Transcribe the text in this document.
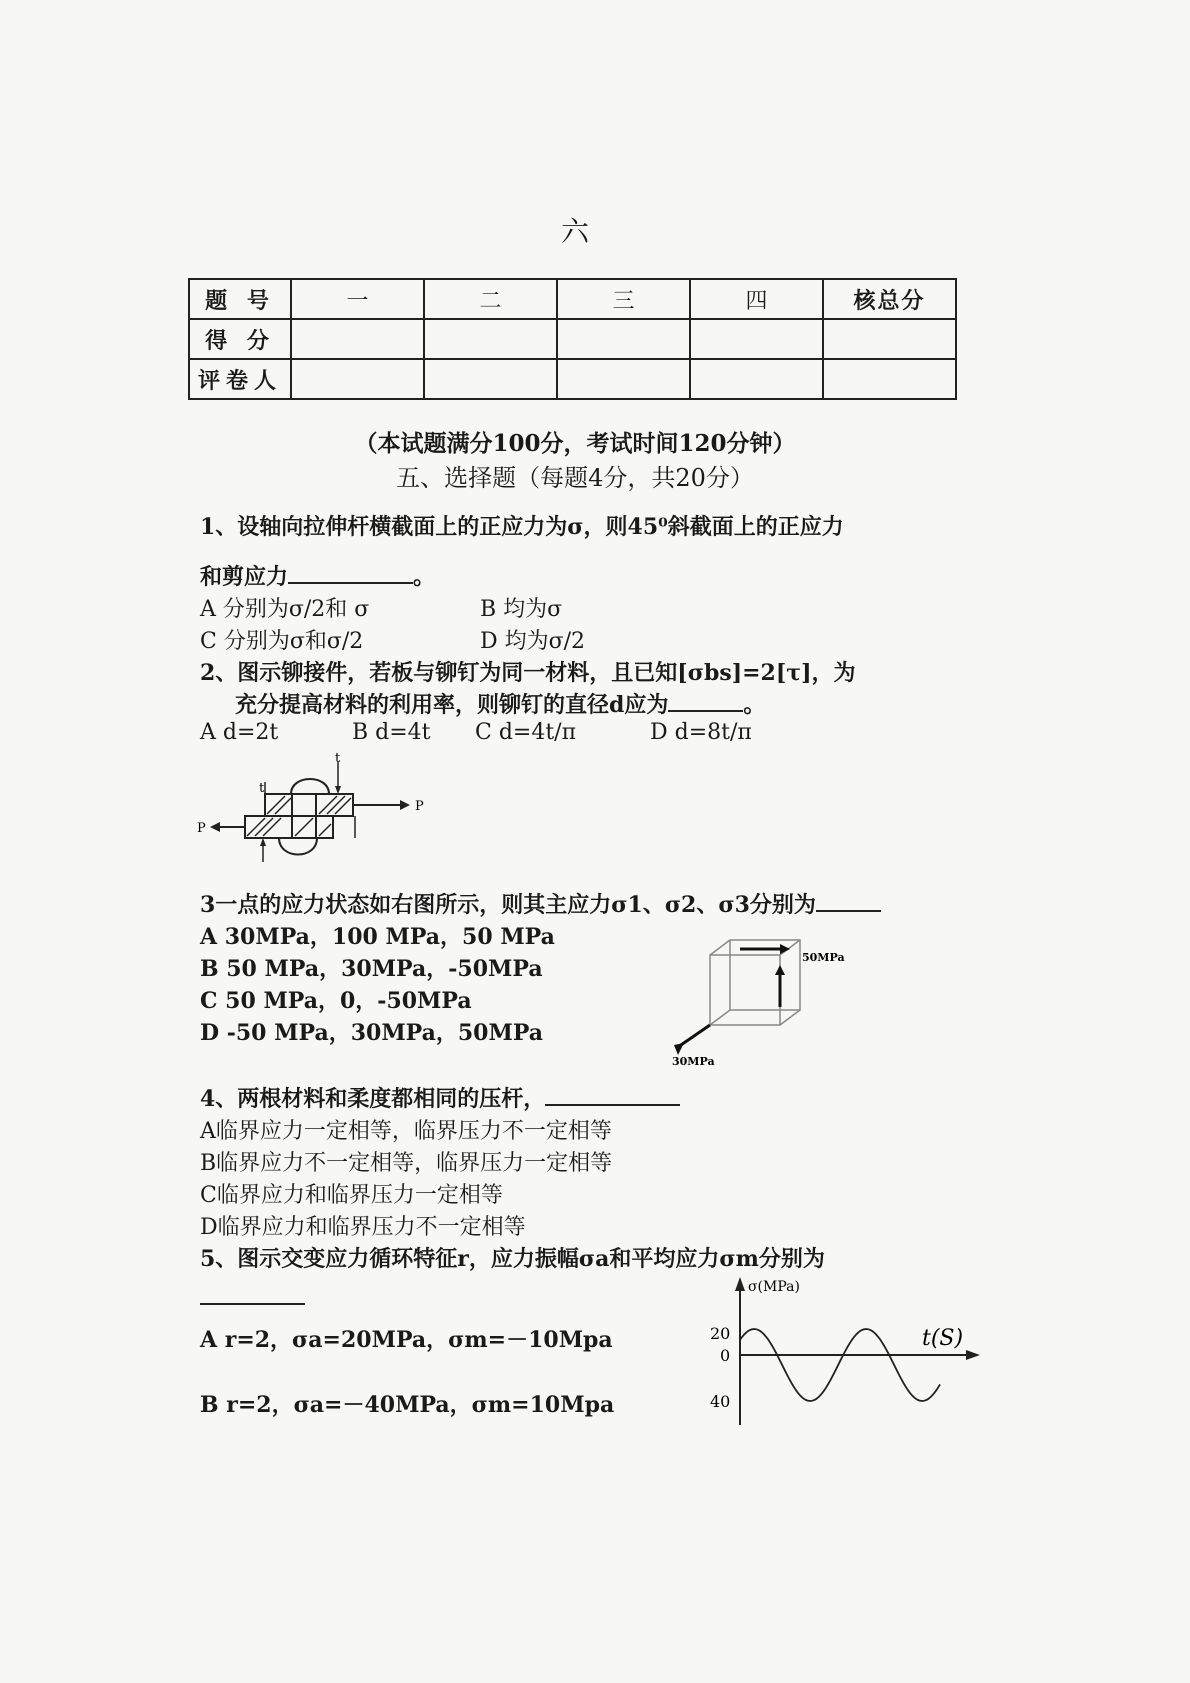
六
题 号	一	二	三	四	核总分
得 分					
评卷人					
（本试题满分100分，考试时间120分钟）
五、选择题（每题4分，共20分）
1、设轴向拉伸杆横截面上的正应力为σ，则45⁰斜截面上的正应力
和剪应力	。
A 分别为σ/2和 σ	B 均为σ
C 分别为σ和σ/2	D 均为σ/2
2、图示铆接件，若板与铆钉为同一材料，且已知[σbs]=2[τ]，为
充分提高材料的利用率，则铆钉的直径d应为	。
A d=2t	B d=4t C d=4t/π	D d=8t/π
P
P
t
t
3一点的应力状态如右图所示，则其主应力σ1、σ2、σ3分别为
A 30MPa，100 MPa，50 MPa
B 50 MPa，30MPa，-50MPa
C 50 MPa，0，-50MPa
D -50 MPa，30MPa，50MPa
50MPa
30MPa
4、两根材料和柔度都相同的压杆，
A临界应力一定相等，临界压力不一定相等
B临界应力不一定相等，临界压力一定相等
C临界应力和临界压力一定相等
D临界应力和临界压力不一定相等
5、图示交变应力循环特征r，应力振幅σa和平均应力σm分别为
A r=2，σa=20MPa，σm=－10Mpa
B r=2，σa=－40MPa，σm=10Mpa
σ(MPa)
t(S)
20
0
40
